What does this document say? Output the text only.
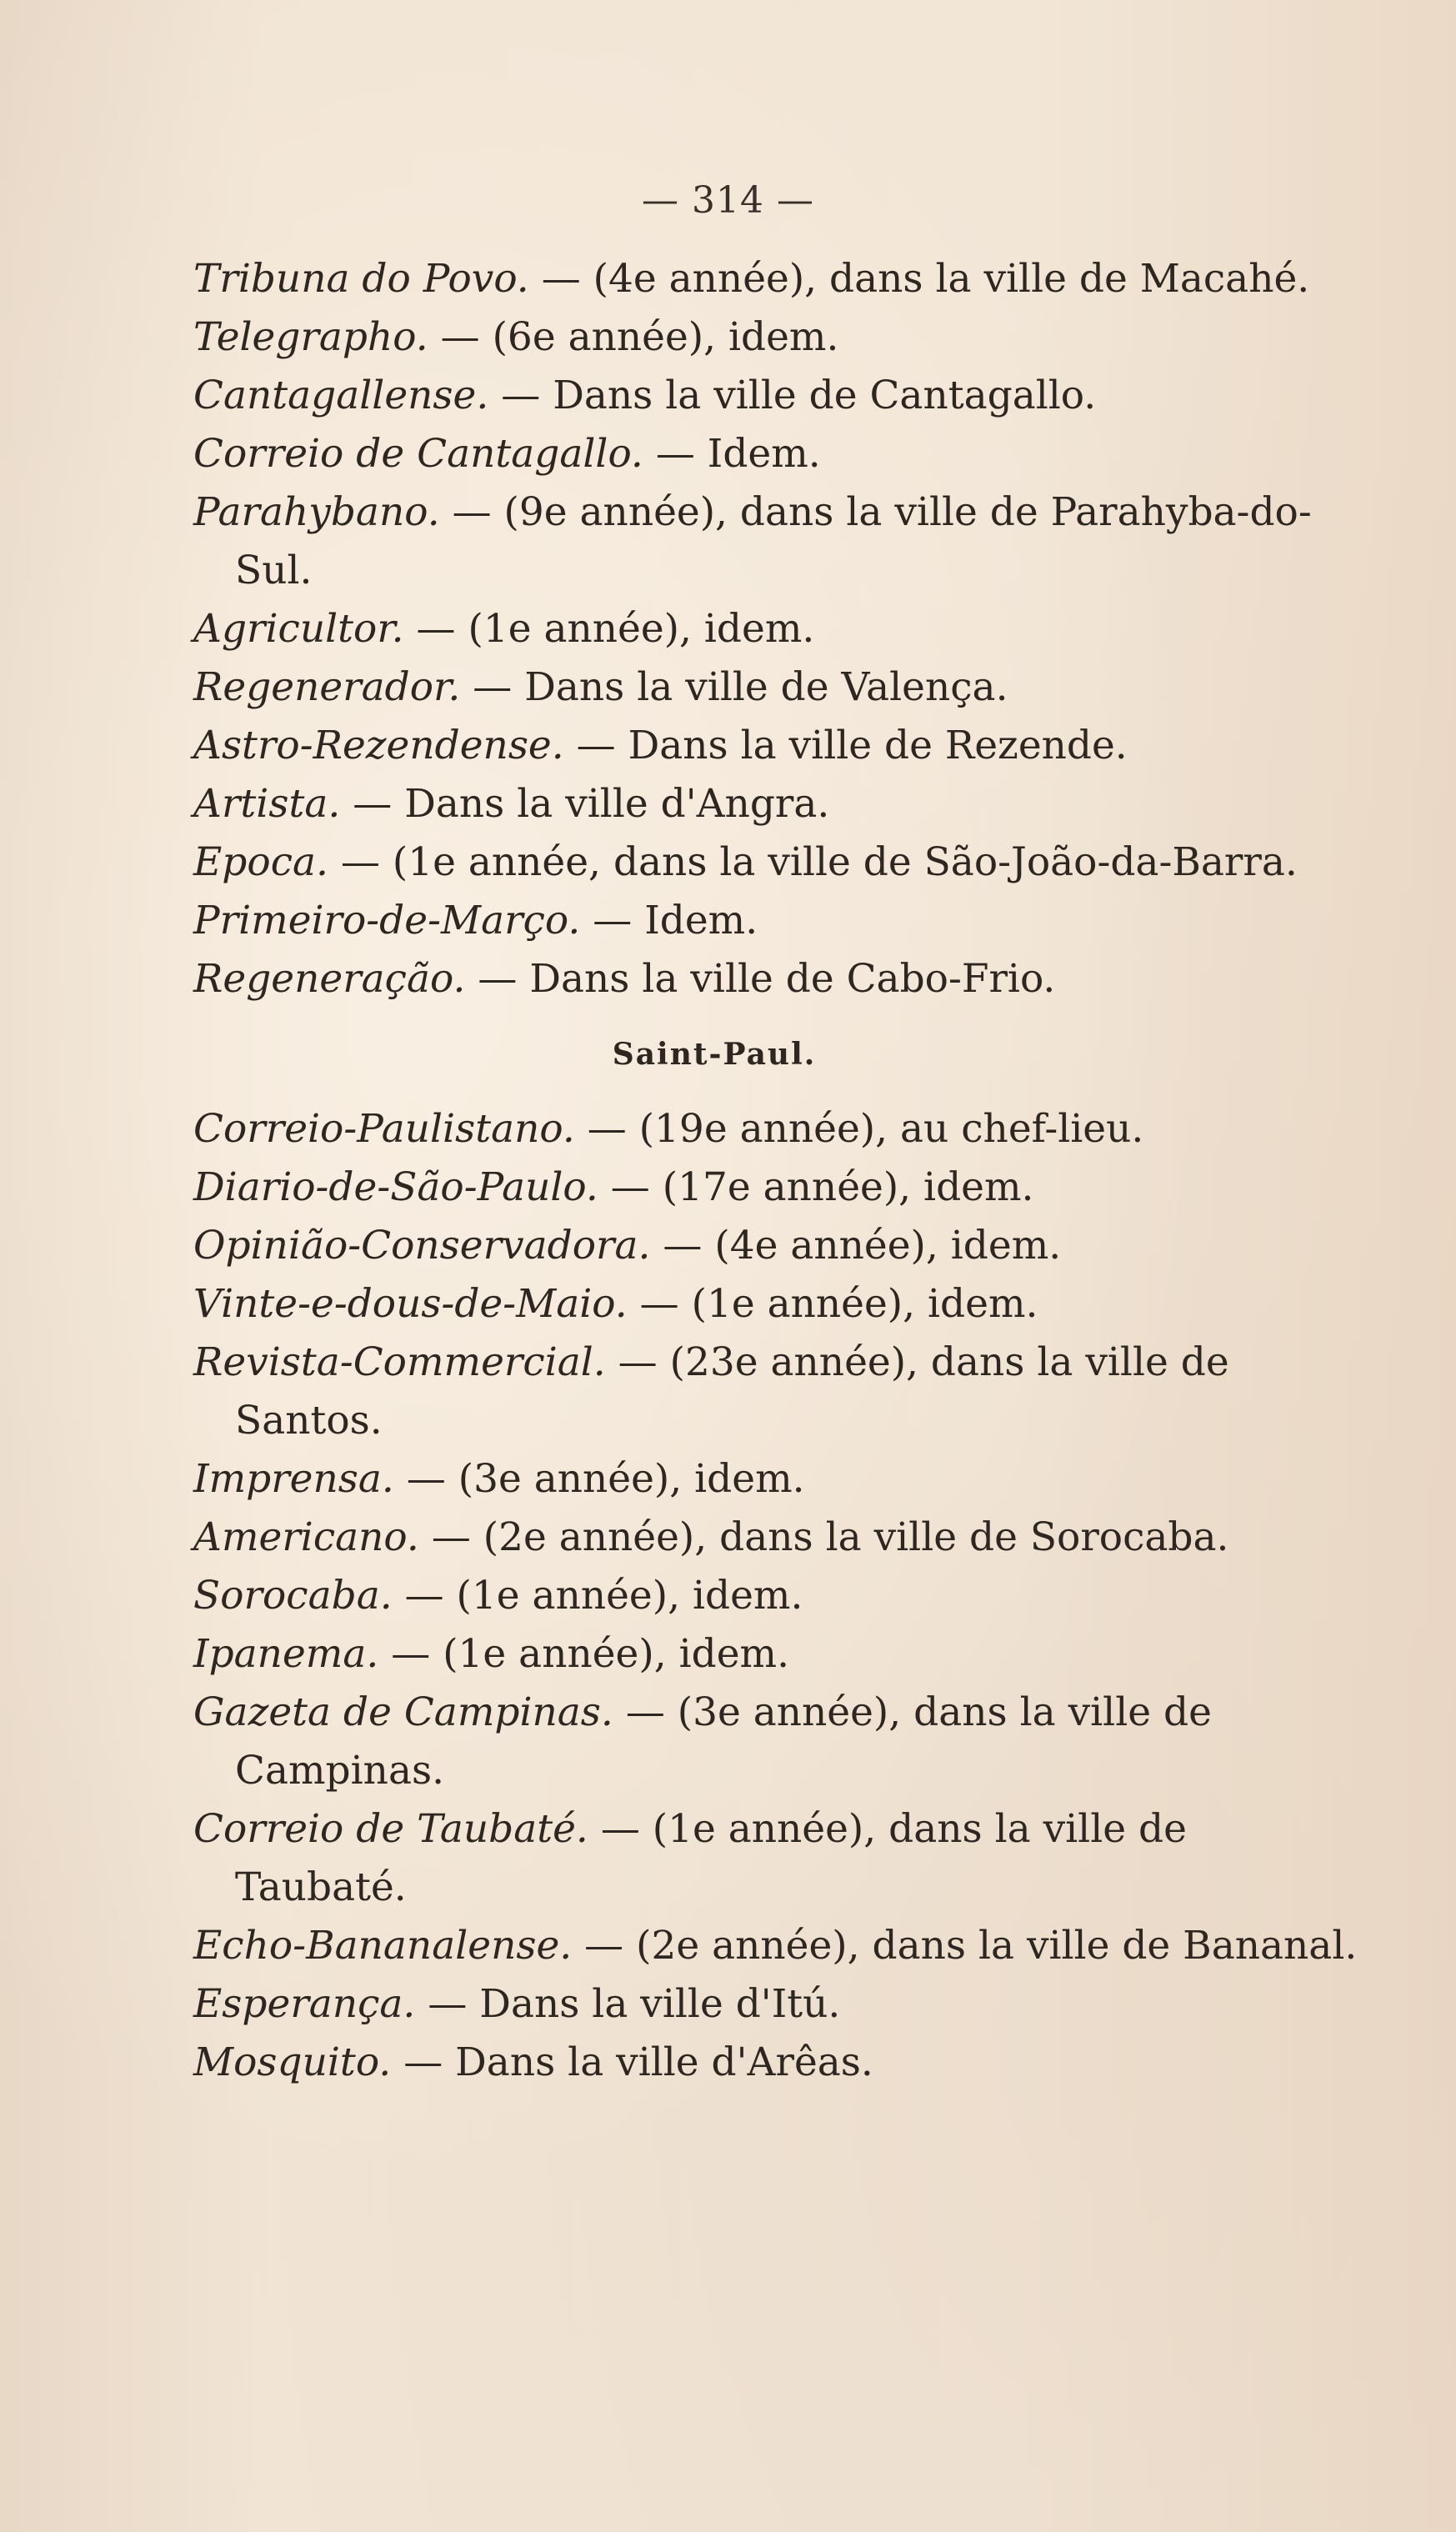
— 314 —

Tribuna do Povo. — (4e année), dans la ville de Macahé.

Telegrapho. — (6e année), idem.

Cantagallense. — Dans la ville de Cantagallo.

Correio de Cantagallo. — Idem.

Parahybano. — (9e année), dans la ville de Parahyba-do-Sul.

Agricultor. — (1e année), idem.

Regenerador. — Dans la ville de Valença.

Astro-Rezendense. — Dans la ville de Rezende.

Artista. — Dans la ville d'Angra.

Epoca. — (1e année, dans la ville de São-João-da-Barra.

Primeiro-de-Março. — Idem.

Regeneração. — Dans la ville de Cabo-Frio.

Saint-Paul.

Correio-Paulistano. — (19e année), au chef-lieu.

Diario-de-São-Paulo. — (17e année), idem.

Opinião-Conservadora. — (4e année), idem.

Vinte-e-dous-de-Maio. — (1e année), idem.

Revista-Commercial. — (23e année), dans la ville de Santos.

Imprensa. — (3e année), idem.

Americano. — (2e année), dans la ville de Sorocaba.

Sorocaba. — (1e année), idem.

Ipanema. — (1e année), idem.

Gazeta de Campinas. — (3e année), dans la ville de Campinas.

Correio de Taubaté. — (1e année), dans la ville de Taubaté.

Echo-Bananalense. — (2e année), dans la ville de Bananal.

Esperança. — Dans la ville d'Itú.

Mosquito. — Dans la ville d'Arêas.
